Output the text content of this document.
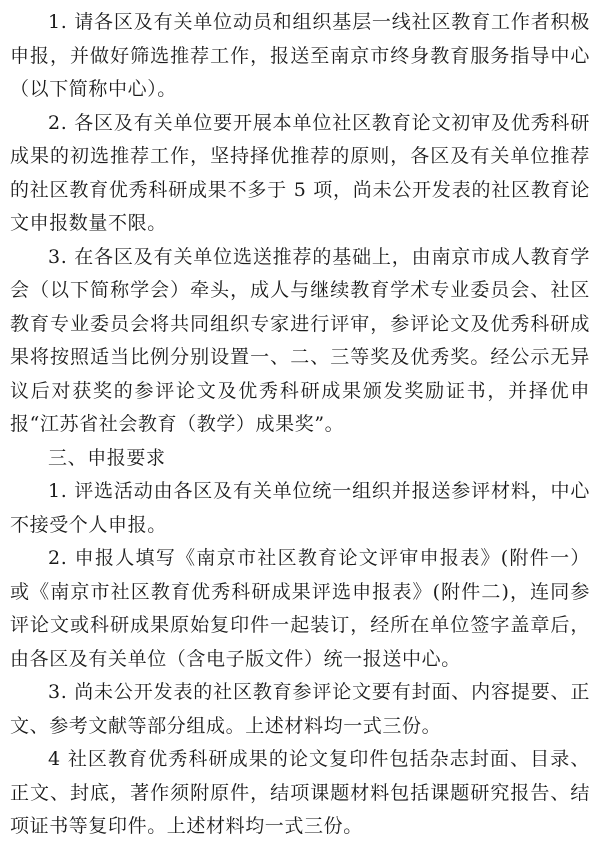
1. 请各区及有关单位动员和组织基层一线社区教育工作者积极申报，并做好筛选推荐工作，报送至南京市终身教育服务指导中心（以下简称中心）。

2. 各区及有关单位要开展本单位社区教育论文初审及优秀科研成果的初选推荐工作，坚持择优推荐的原则，各区及有关单位推荐的社区教育优秀科研成果不多于 5 项，尚未公开发表的社区教育论文申报数量不限。

3. 在各区及有关单位选送推荐的基础上，由南京市成人教育学会（以下简称学会）牵头，成人与继续教育学术专业委员会、社区教育专业委员会将共同组织专家进行评审，参评论文及优秀科研成果将按照适当比例分别设置一、二、三等奖及优秀奖。经公示无异议后对获奖的参评论文及优秀科研成果颁发奖励证书，并择优申报“江苏省社会教育（教学）成果奖”。

三、申报要求

1. 评选活动由各区及有关单位统一组织并报送参评材料，中心不接受个人申报。

2. 申报人填写《南京市社区教育论文评审申报表》(附件一）或《南京市社区教育优秀科研成果评选申报表》(附件二)，连同参评论文或科研成果原始复印件一起装订，经所在单位签字盖章后，由各区及有关单位（含电子版文件）统一报送中心。

3. 尚未公开发表的社区教育参评论文要有封面、内容提要、正文、参考文献等部分组成。上述材料均一式三份。

4 社区教育优秀科研成果的论文复印件包括杂志封面、目录、正文、封底，著作须附原件，结项课题材料包括课题研究报告、结项证书等复印件。上述材料均一式三份。
